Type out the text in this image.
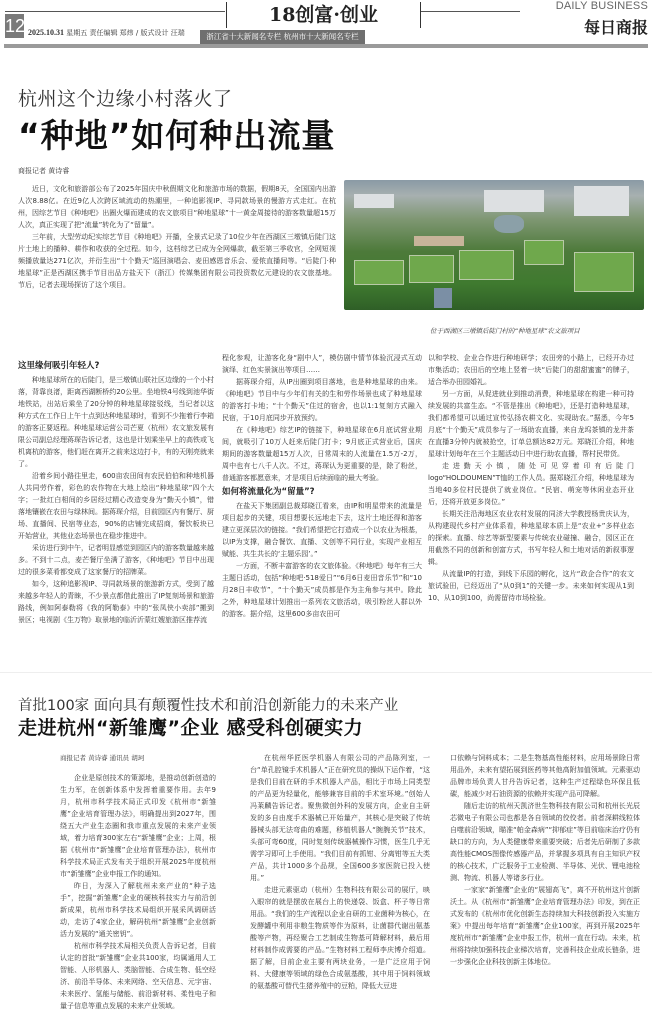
12 2025.10.31 星期五 责任编辑 郑炜 / 版式设计 汪瑞
18创富·创业
浙江省十大新闻名专栏 杭州市十大新闻名专栏
DAILY BUSINESS
每日商报
杭州这个边缘小村落火了
“种地”如何种出流量
商报记者 黄诗睿

近日，文化和旅游部公布了2025年国庆中秋假期文化和旅游市场的数据，假期8天，全国国内出游人次8.88亿。在近9亿人次跨区域流动的热潮里，一种追影视IP、寻同款场景的慢游方式走红。在杭州，因综艺节目《种地吧》出圈火爆而建成的农文旅项目“种地星球”十一黄金周接待的游客数量超15万人次，真正实现了把“流量”转化为了“留量”。

三年前，大型劳动纪实综艺节目《种地吧》开播，全景式记录了10位少年在西湖区三墩镇后陡门这片土地上的播种、耕作和收获的全过程。如今，这档综艺已成为全网爆款，截至第三季收官，全网短视频播放量达271亿次，并衍生出“十个勤天”巡回演唱会、麦田感恩音乐会、爱侬直播间等。“后陡门·种地星球”正是西湖区携手节目出品方盐天下（浙江）传媒集团有限公司投资数亿元建设的农文旅基地。节后，记者去现场探访了这个项目。

位于西湖区三墩镇后陡门村的“种地星球”农文旅项目
这里缘何吸引年轻人?

种地星球所在的后陡门，是三墩镇山联社区边缘的一个小村落，背靠良渚，距离西湖断桥约20公里。坐地铁4号线到池华街地铁站，出站后乘坐了20分钟的种地星球接驳线，当记者以这种方式在工作日上午十点到达种地星球时，看到不少拖着行李箱的游客正要返程。种地星球运营公司芒夏（杭州）农文旅发展有限公司副总经理蒋琛告诉记者，这也是计划乘坐早上的高铁或飞机离杭的游客，他们赶在离开之前来这边打卡，有的天刚亮就来了。

沿着乡间小路往里走，600亩农田间有农民伯伯和种地机器人共同劳作着，彩色的农作物在大地上绘出“种地星球”四个大字；一批红白相间的乡居经过精心改造变身为“勤天小镇”，错落地镶嵌在农田与绿林间。据蒋琛介绍，目前园区内有餐厅、厨场、直播间、民宿等业态，90%的店铺完成招商，餐饮板块已开始营业，其他业态场景也在稳步推进中。

采访进行到中午，记者明显感觉到园区内的游客数量越来越多。不到十二点，麦芒餐厅坐满了游客，《种地吧》节目中出现过的很多菜肴都变成了这家餐厅的招牌菜。

如今，这种追影视IP、寻同款场景的旅游新方式，受到了越来越多年轻人的青睐，不少景点都借此推出了IP复刻场景和旅游路线，例如阿泰勒将《我的阿勒泰》中的“张凤侠小卖部”搬到景区；电视剧《生万物》取景地的临沂沂蒙红嫂旅游区推荐流

程化参观，让游客化身“剧中人”，模仿剧中情节体验沉浸式互动演绎、红色实景演出等项目……

据蒋琛介绍，从IP出圈到项目落地，也是种地星球的由来。《种地吧》节目中与少年们有关的生和劳作场景也成了种地星球的游客打卡地；“十个勤天”住过的宿舍，也以1:1复刻方式融入民宿，于10月底同步开放预约。

在《种地吧》综艺IP的链接下，种地星球在6月底试营业期间，就吸引了10万人赶来后陡门打卡；9月底正式营业后，国庆期间的游客数量超15万人次，日常周末的人流量在1.5万-2万，周中也有七八千人次。不过，蒋琛认为更重要的是，除了粉丝，普通游客都愿意来，才是项目后续面临的最大考验。

如何将流量化为“留量”?

在盐天下集团副总裁郑晓江看来，由IP和明星带来的流量是项目起步的关键，项目想要长远地走下去，这片土地还得和游客建立更深层次的链接。“我们希望把它打造成一个以农业为根基，以IP为支撑，融合餐饮、直播、文创等不同行业，实现产业相互赋能、共生共长的‘主题乐园’。”

一方面，不断丰富游客的农文旅体验。《种地吧》每年有三大主题日活动，包括“种地吧·518爱日”“6月6日麦田音乐节”和“10月28日丰收节”，“十个勤天”成员都是作为主角参与其中。除此之外，种地星球计划推出一系列农文旅活动，吸引粉丝人群以外的游客。据介绍，这里600多亩农田可

以和学校、企业合作进行种地研学；农田旁的小路上，已经开办过市集活动；农田后的空地上竖着一块“后陡门的甜甜蜜蜜”的牌子，适合举办田园婚礼。

另一方面，从促进就业到推动消费，种地星球在构建一种可持续发展的共富生态。“不管是推出《种地吧》，还是打造种地星球，我们都希望可以通过宣传弘扬农耕文化、实现助农。”据悉，今年5月底“十个勤天”成员参与了一场助农直播，来自龙坞茶镇的龙井茶在直播3分钟内就被抢空，订单总额达82万元。郑晓江介绍，种地星球计划每年在三个主题活动日中进行助农直播，帮村民带货。

走进勤天小镇，随处可见穿着印有后陡门logo“HOLDOUMEN”T恤的工作人员。据郑晓江介绍，种地星球为当地40多位村民提供了就业岗位。“民宿、萌宠等休闲业态开业后，还将开放更多岗位。”

长期关注沿海地区农业农村发展的同济大学教授杨贵庆认为，从构建现代乡村产业体系看，种地星球本质上是“农业+”多样业态的探索。直播、综艺等新型要素与传统农业碰撞、融合，园区正在用截然不同的创新和创富方式，书写年轻人和土地对话的新叙事逻辑。

从流量IP的打造，到线下乐园的孵化，这片“政企合作”的农文旅试验田，已经迈出了“从0到1”的关键一步。未来如何实现从1到10、从10到100，尚需留待市场检验。

首批100家 面向具有颠覆性技术和前沿创新能力的未来产业
走进杭州“新雏鹰”企业 感受科创硬实力
商报记者 黄诗睿 通讯员 胡珂

企业是原创技术的策源地，是推动创新创造的生力军，在创新体系中发挥着重要作用。去年9月，杭州市科学技术局正式印发《杭州市“新雏鹰”企业培育管理办法》，明确提出到2027年，围绕五大产业生态圈和我市重点发展的未来产业领域，着力培育300家左右“新雏鹰”企业；上周，根据《杭州市“新雏鹰”企业培育管理办法》，杭州市科学技术局正式发布关于组织开展2025年度杭州市“新雏鹰”企业申报工作的通知。

昨日，为深入了解杭州未来产业的“种子选手”，挖掘“新雏鹰”企业的硬核科技实力与前沿创新成果，杭州市科学技术局组织开展采风调研活动，走访了4家企业，解码杭州“新雏鹰”企业创新活力发展的“通关密钥”。

杭州市科学技术局相关负责人告诉记者，目前认定的首批“新雏鹰”企业共100家，均属通用人工智能、人形机器人、类脑智能、合成生物、低空经济、前沿半导体、未来网络、空天信息、元宇宙、未来医疗、氢能与储能、前沿新材料、柔性电子和量子信息等重点发展的未来产业领域。

在杭州华匠医学机器人有限公司的产品陈列室，一台“单孔腔镜手术机器人”正在研究员的操纵下运作着，“这是我们目前在研的手术机器人产品，相比于市场上同类型的产品更为轻量化，能够兼容目前的手术室环境。”创始人冯莱麟告诉记者。聚焦微创外科的发展方向，企业自主研发的多自由度手术器械已开始量产，其核心是突破了传统器械头部无法弯曲的难题，移植机器人“腕腕关节”技术，头部可弯60度，同时复刻传统器械操作习惯，医生几乎无需学习即可上手使用。“我们目前有抓钳、分离钳等五大类产品，共计1000多个品规，全国600多家医院已投入使用。”

走进元素驱动（杭州）生物科技有限公司的展厅，映入眼帘的就是摆放在展台上的快递袋、饭盒、杯子等日常用品。“我们的生产流程以企业自研的工业菌种为核心，在发酵罐中利用非粮生物质等作为原料，让菌群代谢出氨基酸等产物，再经聚合工艺制成生物基可降解材料，最后用材料制作成需要的产品。”生物材料工程师李庆博介绍道。据了解，目前企业主要有两块业务，一是广泛应用于饲料、大健康等领域的绿色合成氨基酸，其中用于饲料领域的氨基酸可替代生猪养殖中的豆粕，降低大豆进

口依赖与饲料成本；二是生物基高性能材料，应用场景除日常用品外，未来有望拓展到医药等其他高附加值领域。元素驱动品牌市场负责人甘丹告诉记者，这种生产过程绿色环保且低碳，能减少对石油资源的依赖并实现产品可降解。

随后走访的杭州天凯济世生物科技有限公司和杭州长光辰芯微电子有限公司也都是各自领域的佼佼者。前者深耕线粒体自噬前沿领域，瞄准“帕金森病”“抑郁症”等目前临床治疗仍有缺口的方向，为人类健康带来重要突破；后者先后研制了多款高性能CMOS图像传感器产品，并掌握多项具有自主知识产权的核心技术，广泛服务于工业检测、半导体、光伏、锂电池检测、物流、机器人等诸多行业。

一家家“新雏鹰”企业的“展翅高飞”，离不开杭州这片创新沃土。从《杭州市“新雏鹰”企业培育管理办法》印发，到在正式发布的《杭州市优化创新生态持续加大科技创新投入实施方案》中提出每年培育“新雏鹰”企业100家，再到开展2025年度杭州市“新雏鹰”企业申报工作，杭州一直在行动。未来，杭州将持续加强科技企业梯次培育，完善科技企业成长链条，进一步强化企业科技创新主体地位。
